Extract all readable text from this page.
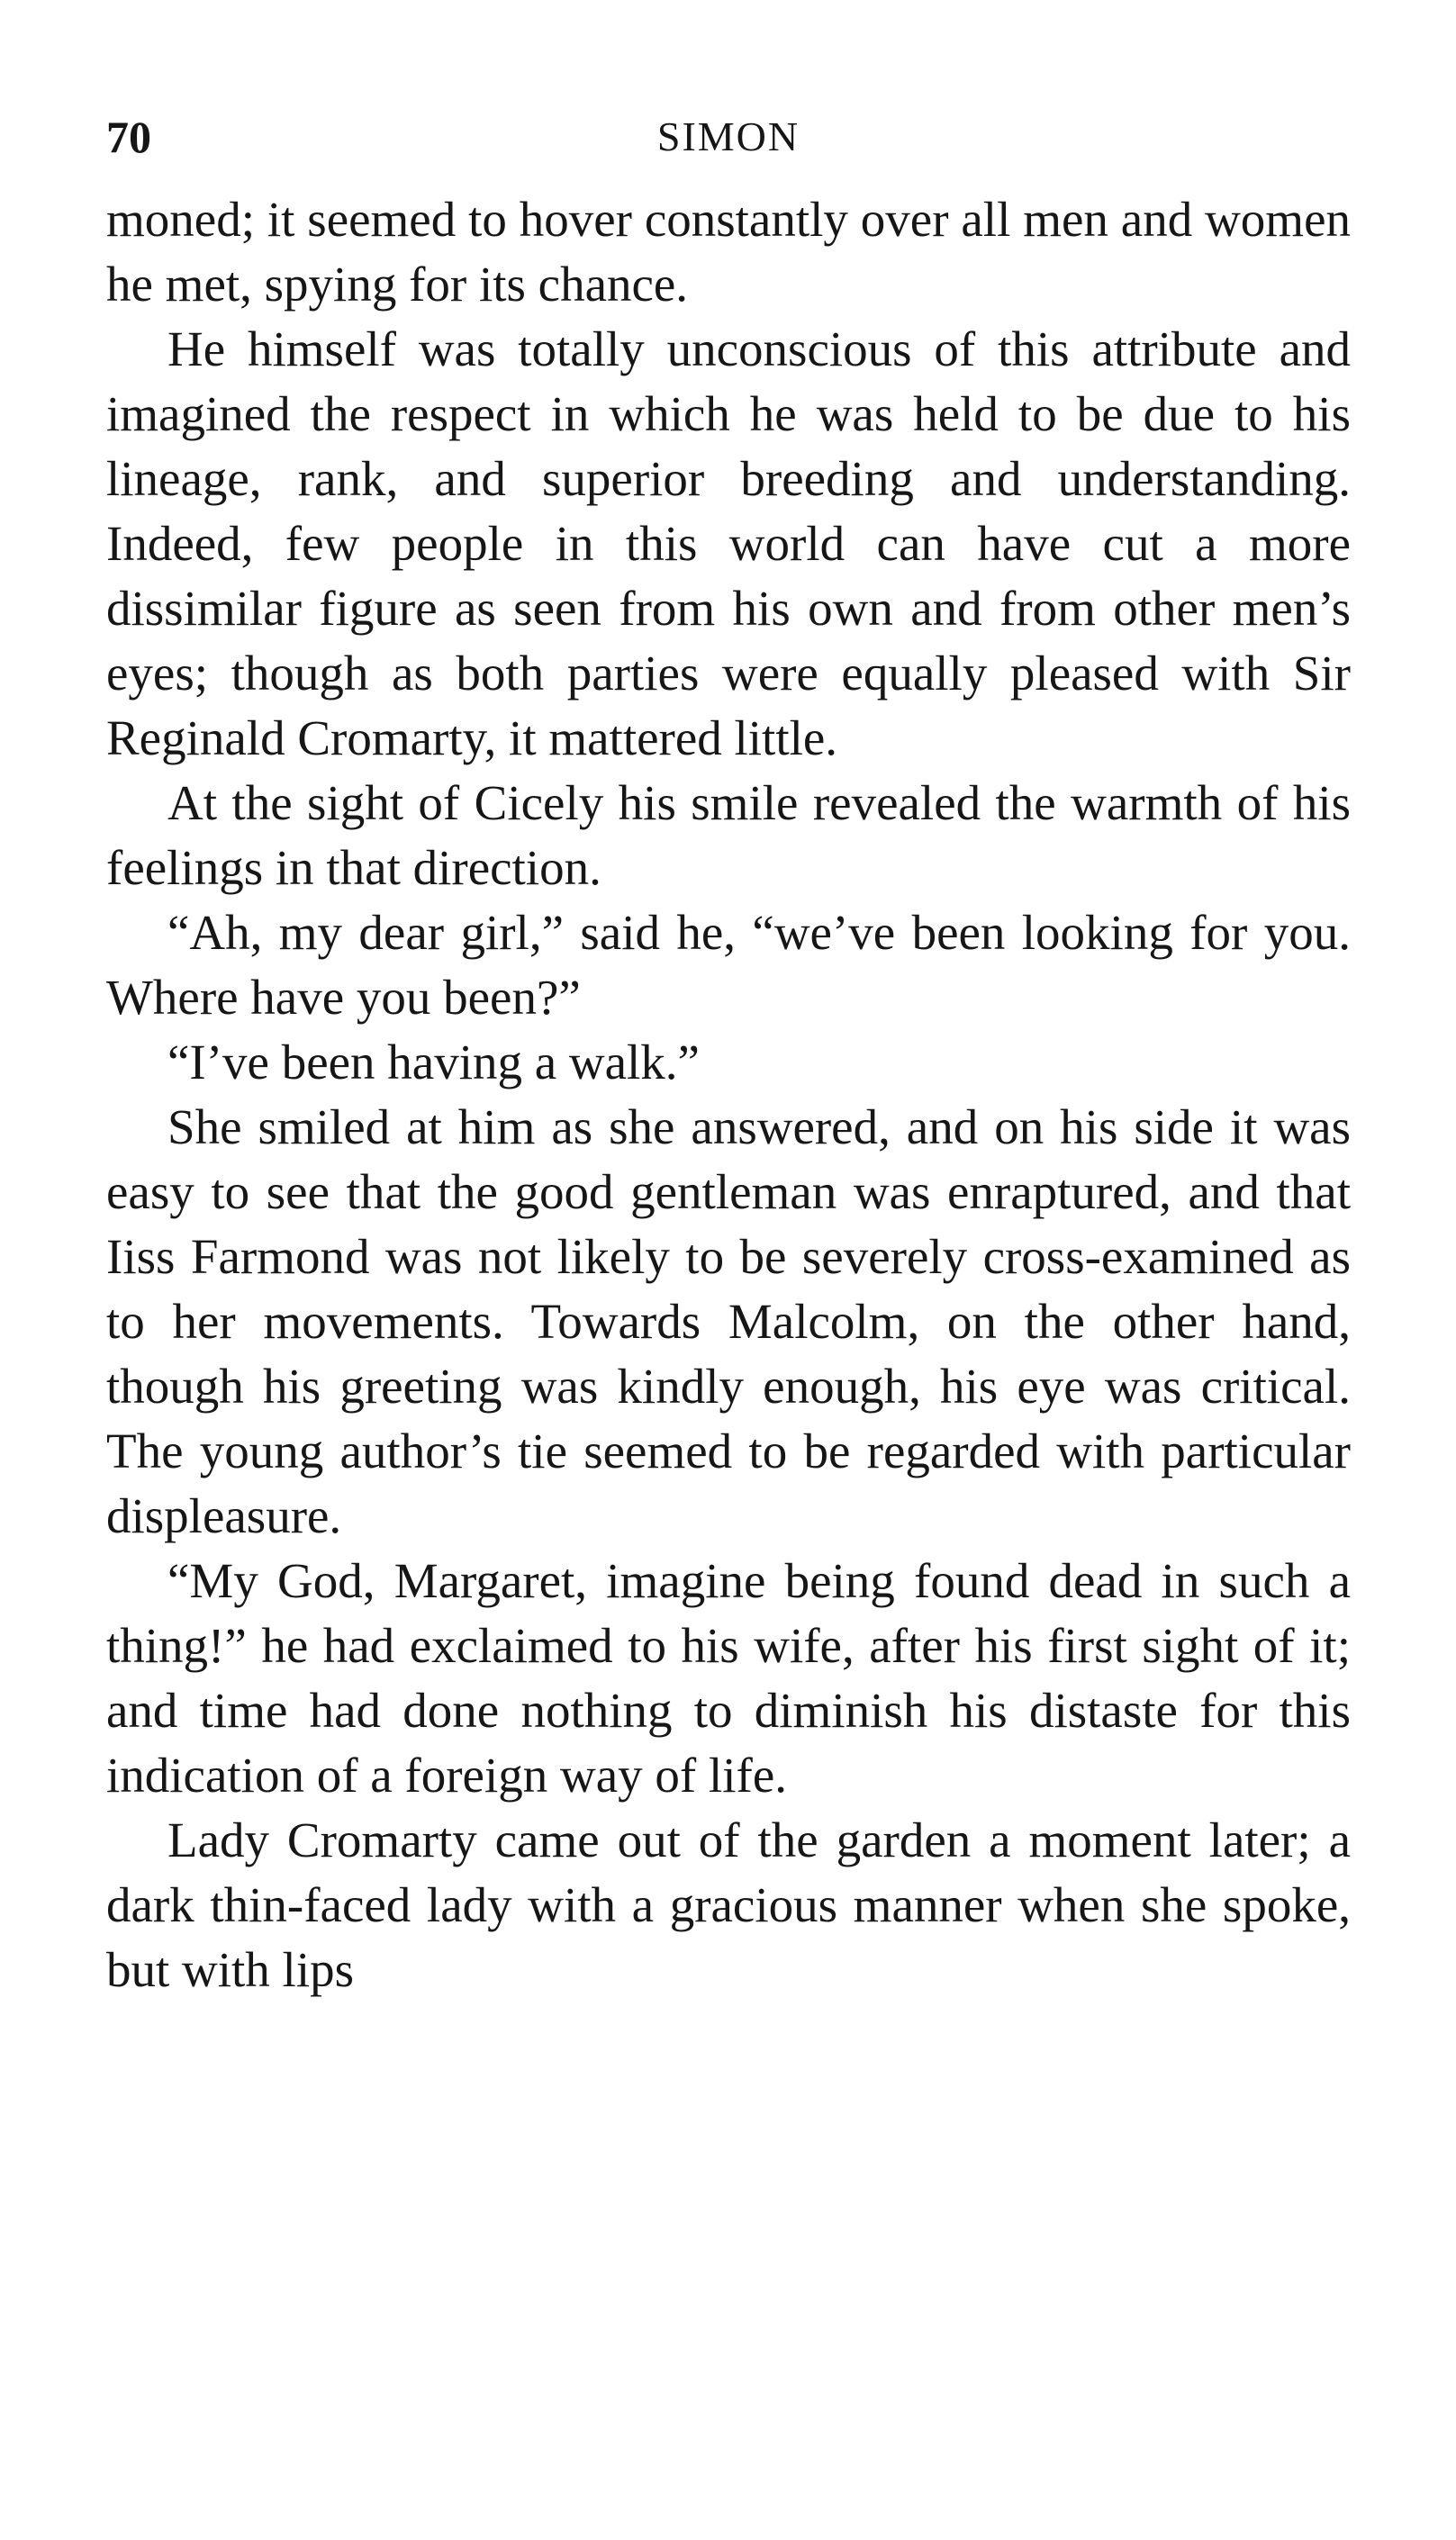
70	SIMON

moned; it seemed to hover constantly over all men and women he met, spying for its chance.

He himself was totally unconscious of this attribute and imagined the respect in which he was held to be due to his lineage, rank, and superior breeding and understanding. Indeed, few people in this world can have cut a more dissimilar figure as seen from his own and from other men’s eyes; though as both parties were equally pleased with Sir Reginald Cromarty, it mattered little.

At the sight of Cicely his smile revealed the warmth of his feelings in that direction.

“Ah, my dear girl,” said he, “we’ve been looking for you. Where have you been?”

“I’ve been having a walk.”

She smiled at him as she answered, and on his side it was easy to see that the good gentleman was enraptured, and that Iiss Farmond was not likely to be severely cross-examined as to her movements. Towards Malcolm, on the other hand, though his greeting was kindly enough, his eye was critical. The young author’s tie seemed to be regarded with particular displeasure.

“My God, Margaret, imagine being found dead in such a thing!” he had exclaimed to his wife, after his first sight of it; and time had done nothing to diminish his distaste for this indication of a foreign way of life.

Lady Cromarty came out of the garden a moment later; a dark thin-faced lady with a gracious manner when she spoke, but with lips
